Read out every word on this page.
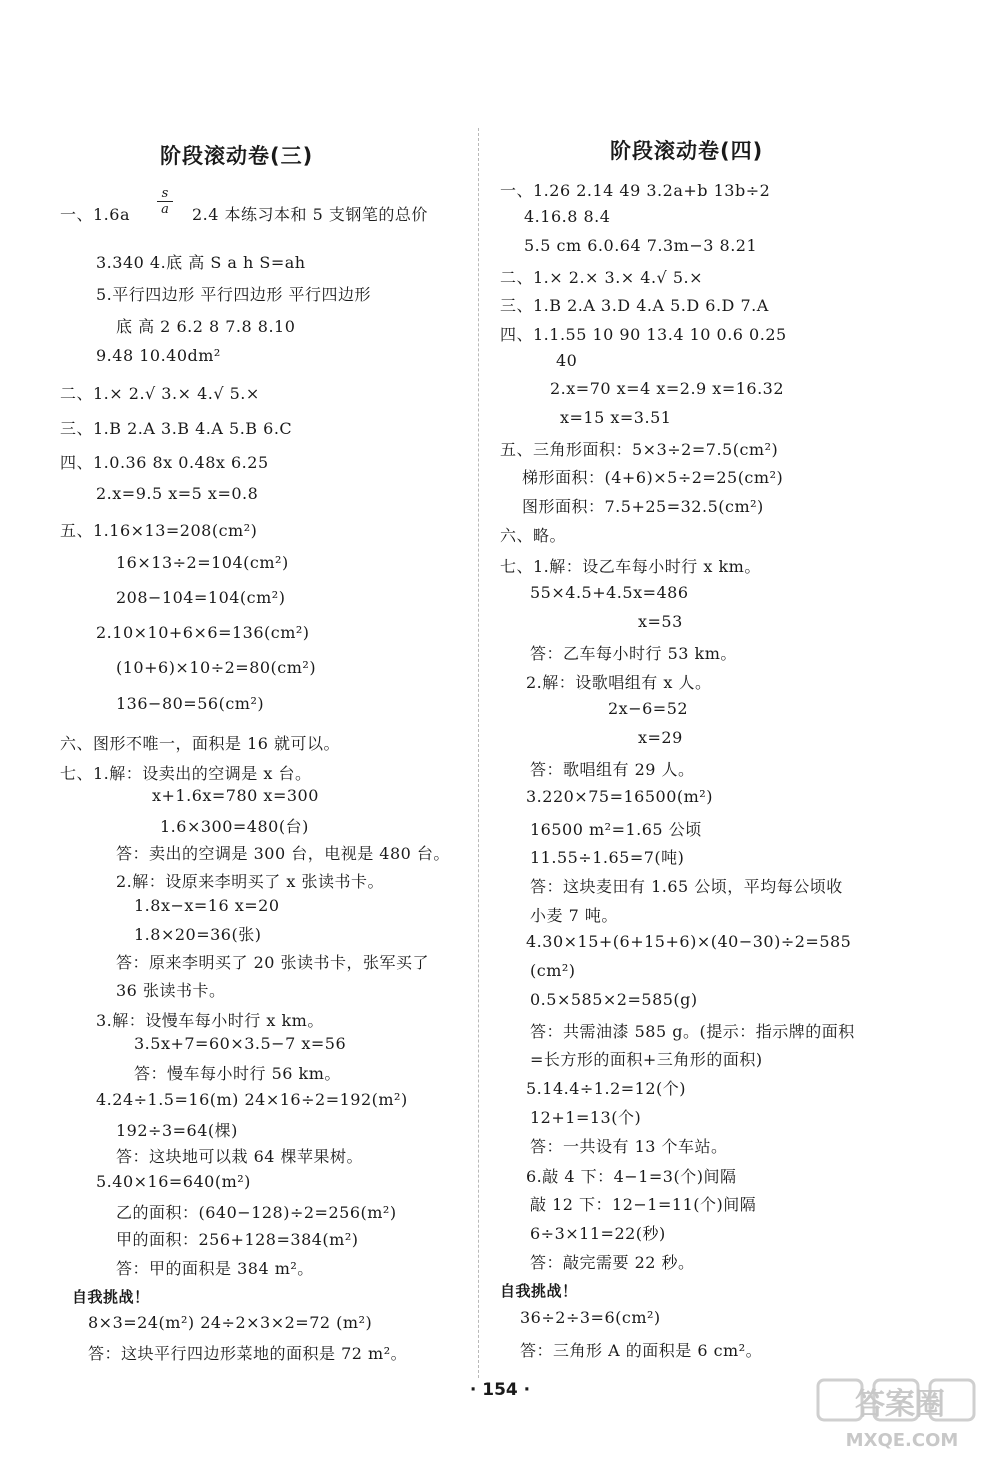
阶段滚动卷(三)
$\frac{s}{a}$
一、1.6a	2.4 本练习本和 5 支钢笔的总价
3.340 4.底 高 S a h S=ah
5.平行四边形 平行四边形 平行四边形
底 高 2 6.2 8 7.8 8.10
9.48 10.40dm²
二、1.× 2.√ 3.× 4.√ 5.×
三、1.B 2.A 3.B 4.A 5.B 6.C
四、1.0.36 8x 0.48x 6.25
2.x=9.5 x=5 x=0.8
五、1.16×13=208(cm²)
16×13÷2=104(cm²)
208−104=104(cm²)
2.10×10+6×6=136(cm²)
(10+6)×10÷2=80(cm²)
136−80=56(cm²)
六、图形不唯一，面积是 16 就可以。
七、1.解：设卖出的空调是 x 台。
x+1.6x=780 x=300
1.6×300=480(台)
答：卖出的空调是 300 台，电视是 480 台。
2.解：设原来李明买了 x 张读书卡。
1.8x−x=16 x=20
1.8×20=36(张)
答：原来李明买了 20 张读书卡，张军买了
36 张读书卡。
3.解：设慢车每小时行 x km。
3.5x+7=60×3.5−7 x=56
答：慢车每小时行 56 km。
4.24÷1.5=16(m) 24×16÷2=192(m²)
192÷3=64(棵)
答：这块地可以栽 64 棵苹果树。
5.40×16=640(m²)
乙的面积：(640−128)÷2=256(m²)
甲的面积：256+128=384(m²)
答：甲的面积是 384 m²。
自我挑战！
8×3=24(m²) 24÷2×3×2=72 (m²)
答：这块平行四边形菜地的面积是 72 m²。
阶段滚动卷(四)
一、1.26 2.14 49 3.2a+b 13b÷2
4.16.8 8.4
5.5 cm 6.0.64 7.3m−3 8.21
二、1.× 2.× 3.× 4.√ 5.×
三、1.B 2.A 3.D 4.A 5.D 6.D 7.A
四、1.1.55 10 90 13.4 10 0.6 0.25
40
2.x=70 x=4 x=2.9 x=16.32
x=15 x=3.51
五、三角形面积：5×3÷2=7.5(cm²)
梯形面积：(4+6)×5÷2=25(cm²)
图形面积：7.5+25=32.5(cm²)
六、略。
七、1.解：设乙车每小时行 x km。
55×4.5+4.5x=486
x=53
答：乙车每小时行 53 km。
2.解：设歌唱组有 x 人。
2x−6=52
x=29
答：歌唱组有 29 人。
3.220×75=16500(m²)
16500 m²=1.65 公顷
11.55÷1.65=7(吨)
答：这块麦田有 1.65 公顷，平均每公顷收
小麦 7 吨。
4.30×15+(6+15+6)×(40−30)÷2=585
(cm²)
0.5×585×2=585(g)
答：共需油漆 585 g。(提示：指示牌的面积
=长方形的面积+三角形的面积)
5.14.4÷1.2=12(个)
12+1=13(个)
答：一共设有 13 个车站。
6.敲 4 下：4−1=3(个)间隔
敲 12 下：12−1=11(个)间隔
6÷3×11=22(秒)
答：敲完需要 22 秒。
自我挑战！
36÷2÷3=6(cm²)
答：三角形 A 的面积是 6 cm²。
· 154 ·	答案圈
MXQE.COM
